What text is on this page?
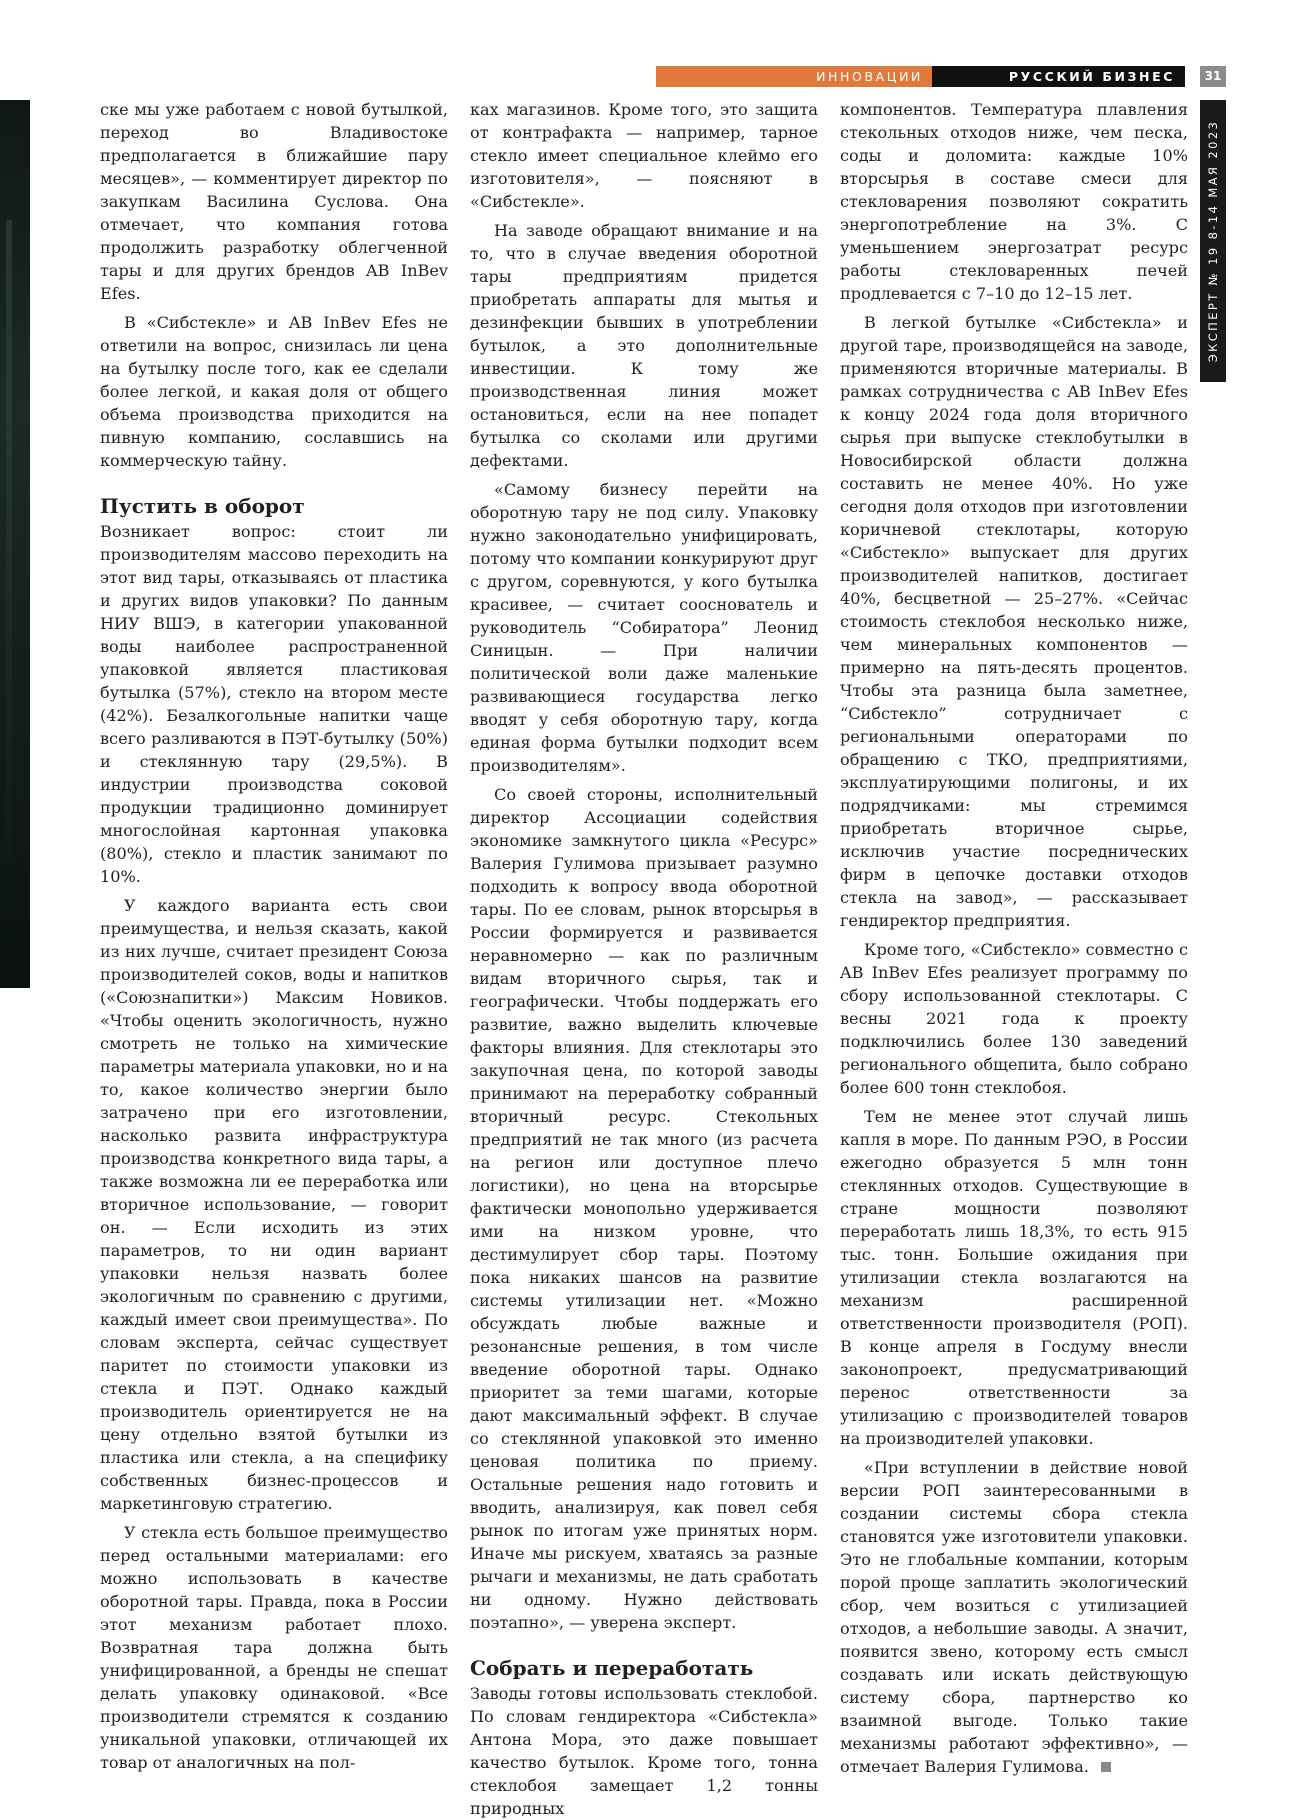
ИННОВАЦИИ	РУССКИЙ БИЗНЕС	31
ЭКСПЕРТ № 19 8-14 МАЯ 2023

ске мы уже работаем с новой бутылкой, переход во Владивостоке предполагается в ближайшие пару месяцев», — комментирует директор по закупкам Василина Суслова. Она отмечает, что компания готова продолжить разработку облегченной тары и для других брендов AB InBev Efes.

В «Сибстекле» и AB InBev Efes не ответили на вопрос, снизилась ли цена на бутылку после того, как ее сделали более легкой, и какая доля от общего объема производства приходится на пивную компанию, сославшись на коммерческую тайну.

Пустить в оборот

Возникает вопрос: стоит ли производителям массово переходить на этот вид тары, отказываясь от пластика и других видов упаковки? По данным НИУ ВШЭ, в категории упакованной воды наиболее распространенной упаковкой является пластиковая бутылка (57%), стекло на втором месте (42%). Безалкогольные напитки чаще всего разливаются в ПЭТ-бутылку (50%) и стеклянную тару (29,5%). В индустрии производства соковой продукции традиционно доминирует многослойная картонная упаковка (80%), стекло и пластик занимают по 10%.

У каждого варианта есть свои преимущества, и нельзя сказать, какой из них лучше, считает президент Союза производителей соков, воды и напитков («Союзнапитки») Максим Новиков. «Чтобы оценить экологичность, нужно смотреть не только на химические параметры материала упаковки, но и на то, какое количество энергии было затрачено при его изготовлении, насколько развита инфраструктура производства конкретного вида тары, а также возможна ли ее переработка или вторичное использование, — говорит он. — Если исходить из этих параметров, то ни один вариант упаковки нельзя назвать более экологичным по сравнению с другими, каждый имеет свои преимущества». По словам эксперта, сейчас существует паритет по стоимости упаковки из стекла и ПЭТ. Однако каждый производитель ориентируется не на цену отдельно взятой бутылки из пластика или стекла, а на специфику собственных бизнес-процессов и маркетинговую стратегию.

У стекла есть большое преимущество перед остальными материалами: его можно использовать в качестве оборотной тары. Правда, пока в России этот механизм работает плохо. Возвратная тара должна быть унифицированной, а бренды не спешат делать упаковку одинаковой. «Все производители стремятся к созданию уникальной упаковки, отличающей их товар от аналогичных на пол-

ках магазинов. Кроме того, это защита от контрафакта — например, тарное стекло имеет специальное клеймо его изготовителя», — поясняют в «Сибстекле».

На заводе обращают внимание и на то, что в случае введения оборотной тары предприятиям придется приобретать аппараты для мытья и дезинфекции бывших в употреблении бутылок, а это дополнительные инвестиции. К тому же производственная линия может остановиться, если на нее попадет бутылка со сколами или другими дефектами.

«Самому бизнесу перейти на оборотную тару не под силу. Упаковку нужно законодательно унифицировать, потому что компании конкурируют друг с другом, соревнуются, у кого бутылка красивее, — считает сооснователь и руководитель “Собиратора” Леонид Синицын. — При наличии политической воли даже маленькие развивающиеся государства легко вводят у себя оборотную тару, когда единая форма бутылки подходит всем производителям».

Со своей стороны, исполнительный директор Ассоциации содействия экономике замкнутого цикла «Ресурс» Валерия Гулимова призывает разумно подходить к вопросу ввода оборотной тары. По ее словам, рынок вторсырья в России формируется и развивается неравномерно — как по различным видам вторичного сырья, так и географически. Чтобы поддержать его развитие, важно выделить ключевые факторы влияния. Для стеклотары это закупочная цена, по которой заводы принимают на переработку собранный вторичный ресурс. Стекольных предприятий не так много (из расчета на регион или доступное плечо логистики), но цена на вторсырье фактически монопольно удерживается ими на низком уровне, что дестимулирует сбор тары. Поэтому пока никаких шансов на развитие системы утилизации нет. «Можно обсуждать любые важные и резонансные решения, в том числе введение оборотной тары. Однако приоритет за теми шагами, которые дают максимальный эффект. В случае со стеклянной упаковкой это именно ценовая политика по приему. Остальные решения надо готовить и вводить, анализируя, как повел себя рынок по итогам уже принятых норм. Иначе мы рискуем, хватаясь за разные рычаги и механизмы, не дать сработать ни одному. Нужно действовать поэтапно», — уверена эксперт.

Собрать и переработать

Заводы готовы использовать стеклобой. По словам гендиректора «Сибстекла» Антона Мора, это даже повышает качество бутылок. Кроме того, тонна стеклобоя замещает 1,2 тонны природных

компонентов. Температура плавления стекольных отходов ниже, чем песка, соды и доломита: каждые 10% вторсырья в составе смеси для стекловарения позволяют сократить энергопотребление на 3%. С уменьшением энергозатрат ресурс работы стекловаренных печей продлевается с 7–10 до 12–15 лет.

В легкой бутылке «Сибстекла» и другой таре, производящейся на заводе, применяются вторичные материалы. В рамках сотрудничества с AB InBev Efes к концу 2024 года доля вторичного сырья при выпуске стеклобутылки в Новосибирской области должна составить не менее 40%. Но уже сегодня доля отходов при изготовлении коричневой стеклотары, которую «Сибстекло» выпускает для других производителей напитков, достигает 40%, бесцветной — 25–27%. «Сейчас стоимость стеклобоя несколько ниже, чем минеральных компонентов — примерно на пять-десять процентов. Чтобы эта разница была заметнее, “Сибстекло” сотрудничает с региональными операторами по обращению с ТКО, предприятиями, эксплуатирующими полигоны, и их подрядчиками: мы стремимся приобретать вторичное сырье, исключив участие посреднических фирм в цепочке доставки отходов стекла на завод», — рассказывает гендиректор предприятия.

Кроме того, «Сибстекло» совместно с AB InBev Efes реализует программу по сбору использованной стеклотары. С весны 2021 года к проекту подключились более 130 заведений регионального общепита, было собрано более 600 тонн стеклобоя.

Тем не менее этот случай лишь капля в море. По данным РЭО, в России ежегодно образуется 5 млн тонн стеклянных отходов. Существующие в стране мощности позволяют переработать лишь 18,3%, то есть 915 тыс. тонн. Большие ожидания при утилизации стекла возлагаются на механизм расширенной ответственности производителя (РОП). В конце апреля в Госдуму внесли законопроект, предусматривающий перенос ответственности за утилизацию с производителей товаров на производителей упаковки.

«При вступлении в действие новой версии РОП заинтересованными в создании системы сбора стекла становятся уже изготовители упаковки. Это не глобальные компании, которым порой проще заплатить экологический сбор, чем возиться с утилизацией отходов, а небольшие заводы. А значит, появится звено, которому есть смысл создавать или искать действующую систему сбора, партнерство ко взаимной выгоде. Только такие механизмы работают эффективно», — отмечает Валерия Гулимова.
